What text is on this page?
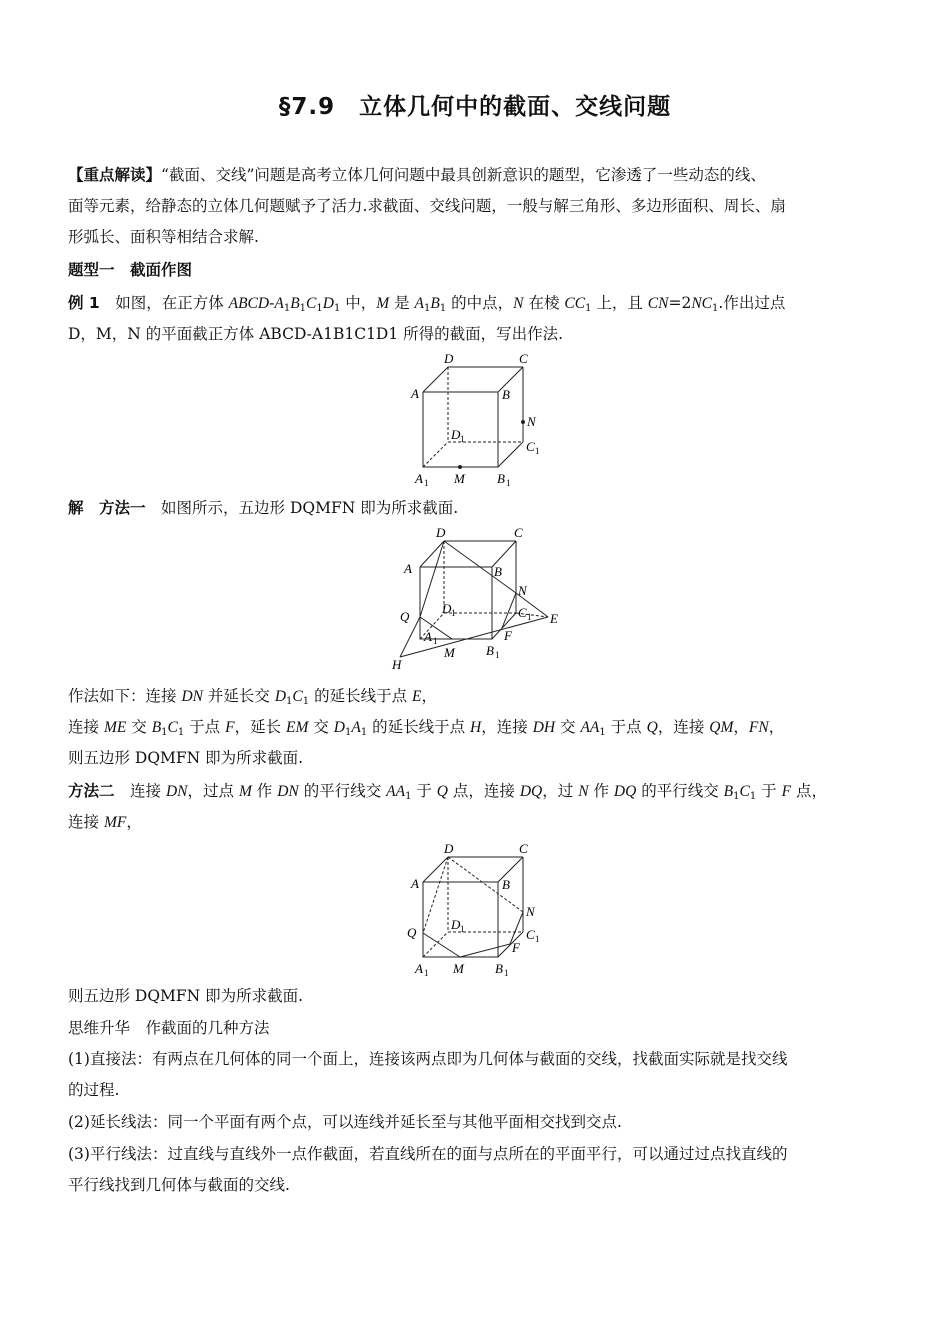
§7.9　立体几何中的截面、交线问题
【重点解读】“截面、交线”问题是高考立体几何问题中最具创新意识的题型，它渗透了一些动态的线、
面等元素，给静态的立体几何题赋予了活力.求截面、交线问题，一般与解三角形、多边形面积、周长、扇
形弧长、面积等相结合求解.
题型一　截面作图
例 1　如图，在正方体 ABCD-$A_1B_1C_1D_1$ 中，M 是 $A_1B_1$ 的中点，N 在棱 $CC_1$ 上，且 $CN=2NC_1$.作出过点
D，M，N 的平面截正方体 ABCD-A1B1C1D1 所得的截面，写出作法.
D	C
A	B
N
D 1	C 1
A 1 M B 1
解　方法一　 如图所示，五边形 DQMFN 即为所求截面.
D	C
A	B
N
D 1	C 1 E
Q
A 1	F
M B 1
H
作法如下：连接 DN 并延长交 $D_1C_1$ 的延长线于点 E，
连接 ME 交 $B_1C_1$ 于点 F，延长 EM 交 $D_1A_1$ 的延长线于点 H，连接 DH 交 $AA_1$ 于点 Q，连接 QM，FN，
则五边形 DQMFN 即为所求截面.
方法二　连接 DN，过点 M 作 DN 的平行线交 $AA_1$ 于 Q 点，连接 DQ，过 N 作 DQ 的平行线交 $B_1C_1$ 于 F 点，
连接 MF，
D	C
A	B
N
D 1	C 1
F
Q
A 1 M B 1
则五边形 DQMFN 即为所求截面.
思维升华　作截面的几种方法
(1)直接法：有两点在几何体的同一个面上，连接该两点即为几何体与截面的交线，找截面实际就是找交线
的过程.
(2)延长线法：同一个平面有两个点，可以连线并延长至与其他平面相交找到交点.
(3)平行线法：过直线与直线外一点作截面，若直线所在的面与点所在的平面平行，可以通过过点找直线的
平行线找到几何体与截面的交线.
